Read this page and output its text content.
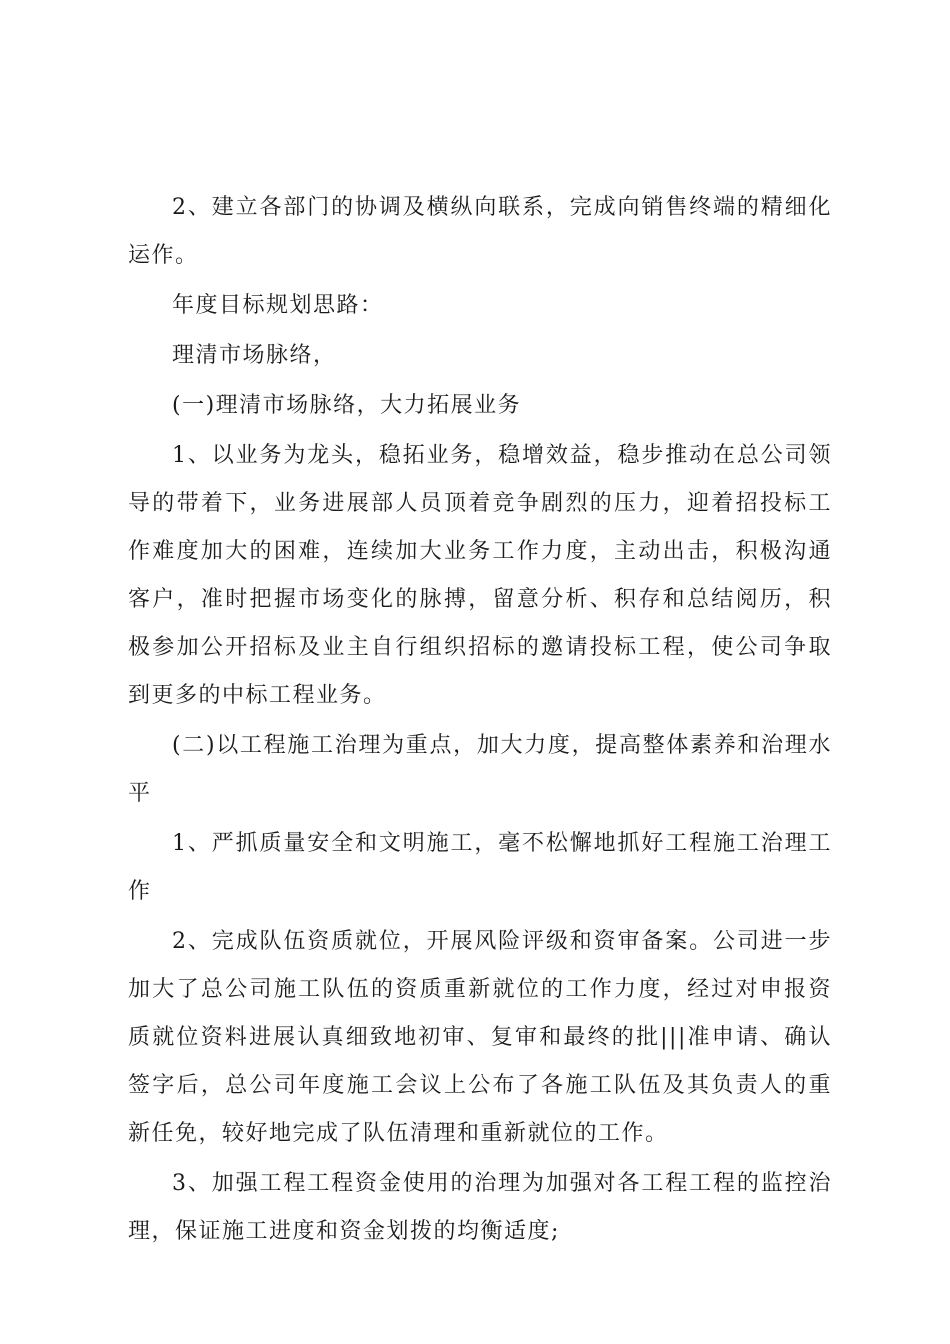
2、建立各部门的协调及横纵向联系，完成向销售终端的精细化运作。

年度目标规划思路：

理清市场脉络，

(一)理清市场脉络，大力拓展业务

1、以业务为龙头，稳拓业务，稳增效益，稳步推动在总公司领导的带着下，业务进展部人员顶着竞争剧烈的压力，迎着招投标工作难度加大的困难，连续加大业务工作力度，主动出击，积极沟通客户，准时把握市场变化的脉搏，留意分析、积存和总结阅历，积极参加公开招标及业主自行组织招标的邀请投标工程，使公司争取到更多的中标工程业务。

(二)以工程施工治理为重点，加大力度，提高整体素养和治理水平

1、严抓质量安全和文明施工，毫不松懈地抓好工程施工治理工作

2、完成队伍资质就位，开展风险评级和资审备案。公司进一步加大了总公司施工队伍的资质重新就位的工作力度，经过对申报资质就位资料进展认真细致地初审、复审和最终的批|||准申请、确认签字后，总公司年度施工会议上公布了各施工队伍及其负责人的重新任免，较好地完成了队伍清理和重新就位的工作。

3、加强工程工程资金使用的治理为加强对各工程工程的监控治理，保证施工进度和资金划拨的均衡适度;
